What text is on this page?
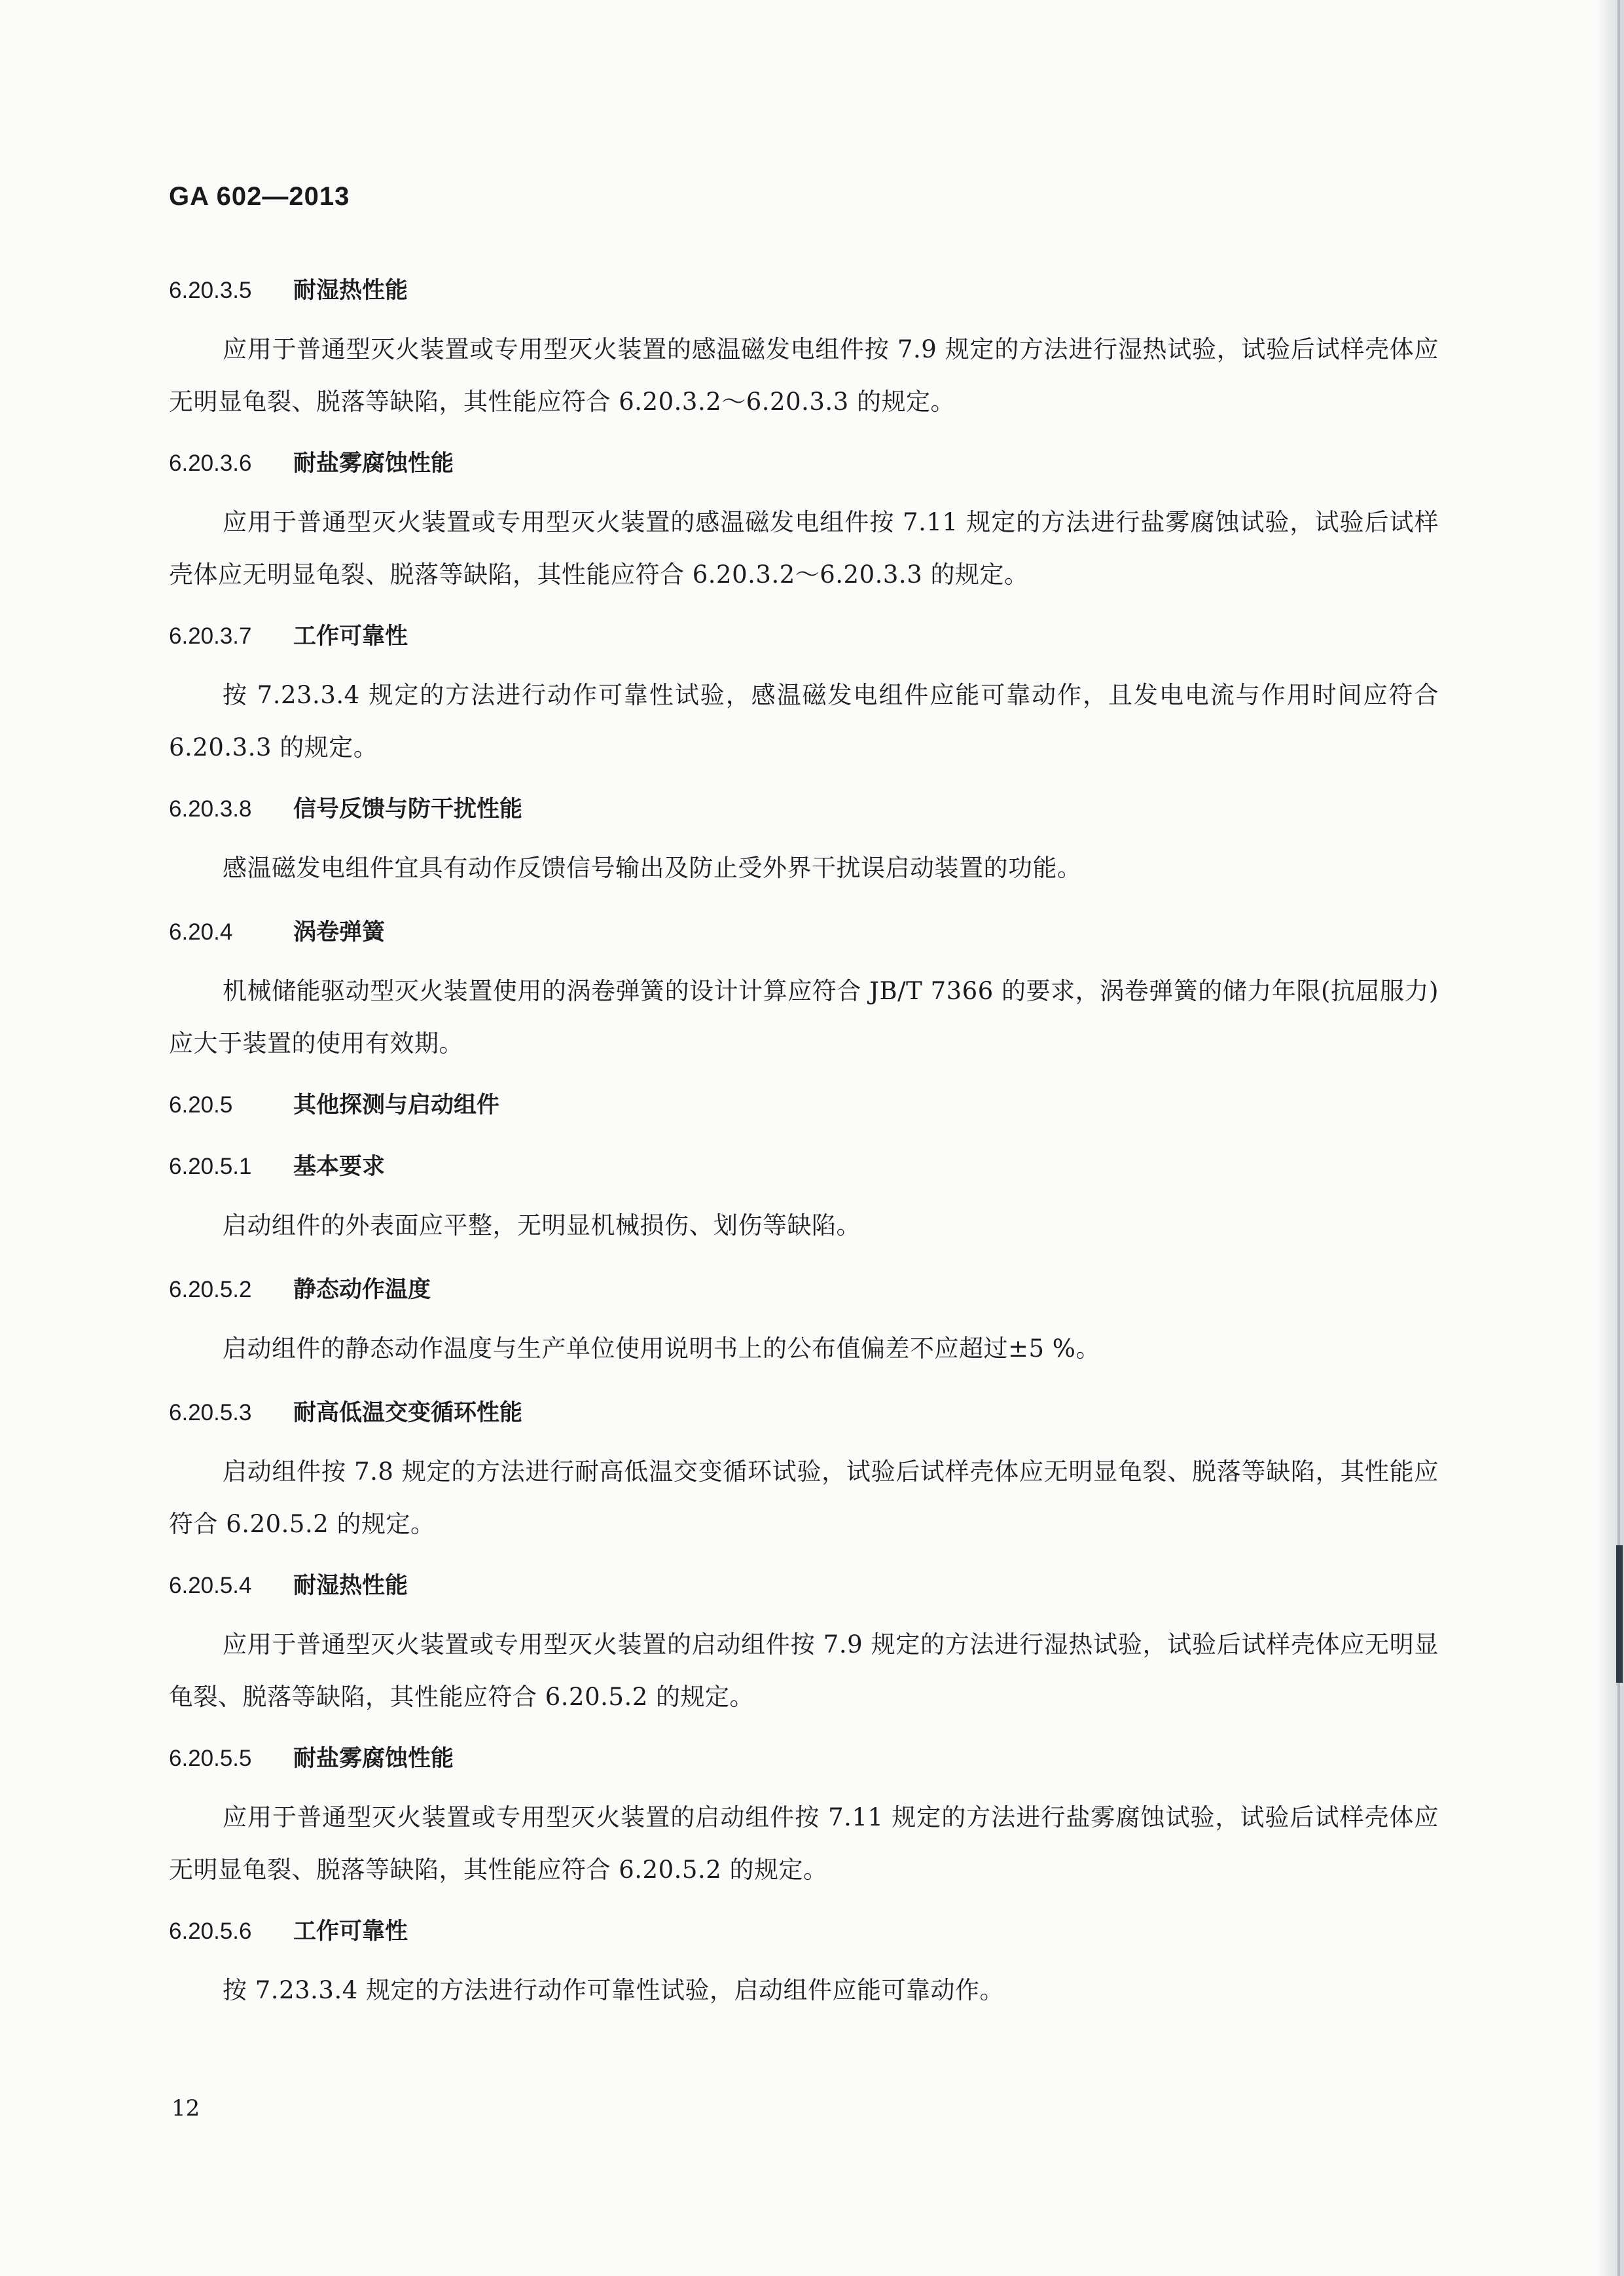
GA 602—2013

6.20.3.5 耐湿热性能

应用于普通型灭火装置或专用型灭火装置的感温磁发电组件按 7.9 规定的方法进行湿热试验，试验后试样壳体应无明显龟裂、脱落等缺陷，其性能应符合 6.20.3.2～6.20.3.3 的规定。

6.20.3.6 耐盐雾腐蚀性能

应用于普通型灭火装置或专用型灭火装置的感温磁发电组件按 7.11 规定的方法进行盐雾腐蚀试验，试验后试样壳体应无明显龟裂、脱落等缺陷，其性能应符合 6.20.3.2～6.20.3.3 的规定。

6.20.3.7 工作可靠性

按 7.23.3.4 规定的方法进行动作可靠性试验，感温磁发电组件应能可靠动作，且发电电流与作用时间应符合 6.20.3.3 的规定。

6.20.3.8 信号反馈与防干扰性能

感温磁发电组件宜具有动作反馈信号输出及防止受外界干扰误启动装置的功能。

6.20.4	涡卷弹簧

机械储能驱动型灭火装置使用的涡卷弹簧的设计计算应符合 JB/T 7366 的要求，涡卷弹簧的储力年限(抗屈服力)应大于装置的使用有效期。

6.20.5	其他探测与启动组件

6.20.5.1 基本要求

启动组件的外表面应平整，无明显机械损伤、划伤等缺陷。

6.20.5.2 静态动作温度

启动组件的静态动作温度与生产单位使用说明书上的公布值偏差不应超过±5 %。

6.20.5.3 耐高低温交变循环性能

启动组件按 7.8 规定的方法进行耐高低温交变循环试验，试验后试样壳体应无明显龟裂、脱落等缺陷，其性能应符合 6.20.5.2 的规定。

6.20.5.4 耐湿热性能

应用于普通型灭火装置或专用型灭火装置的启动组件按 7.9 规定的方法进行湿热试验，试验后试样壳体应无明显龟裂、脱落等缺陷，其性能应符合 6.20.5.2 的规定。

6.20.5.5 耐盐雾腐蚀性能

应用于普通型灭火装置或专用型灭火装置的启动组件按 7.11 规定的方法进行盐雾腐蚀试验，试验后试样壳体应无明显龟裂、脱落等缺陷，其性能应符合 6.20.5.2 的规定。

6.20.5.6 工作可靠性

按 7.23.3.4 规定的方法进行动作可靠性试验，启动组件应能可靠动作。

12
